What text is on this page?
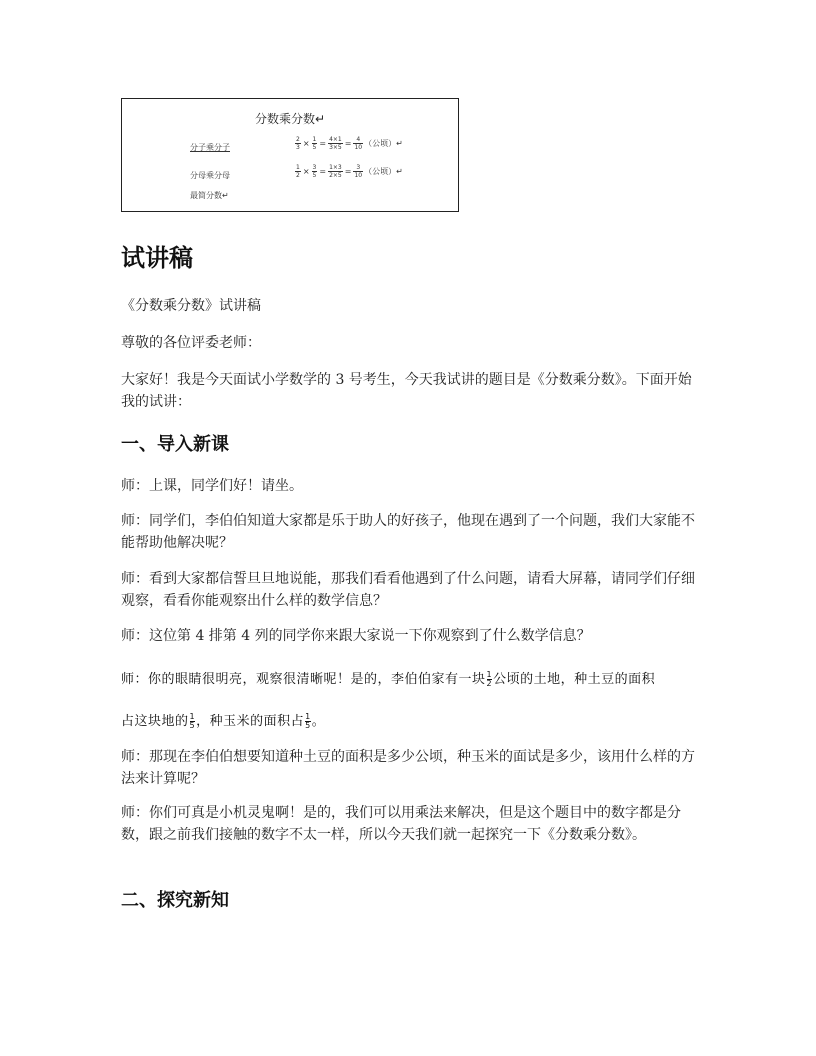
分数乘分数↵
分子乘分子	$\frac{2}{3} \times \frac{1}{5} = \frac{4\times 1}{3\times 5} = \frac{4}{10}$ （公顷）↵
分母乘分母	$\frac{1}{2} \times \frac{3}{5} = \frac{1\times 3}{2\times 5} = \frac{3}{10}$ （公顷）↵
最简分数↵
试讲稿
《分数乘分数》试讲稿
尊敬的各位评委老师：
大家好！我是今天面试小学数学的 3 号考生，今天我试讲的题目是《分数乘分数》。下面开始我的试讲：
一、导入新课
师：上课，同学们好！请坐。
师：同学们，李伯伯知道大家都是乐于助人的好孩子，他现在遇到了一个问题，我们大家能不能帮助他解决呢？
师：看到大家都信誓旦旦地说能，那我们看看他遇到了什么问题，请看大屏幕，请同学们仔细观察，看看你能观察出什么样的数学信息？
师：这位第 4 排第 4 列的同学你来跟大家说一下你观察到了什么数学信息？
师：你的眼睛很明亮，观察很清晰呢！是的，李伯伯家有一块 $\frac{1}{2}$ 公顷的土地，种土豆的面积
占这块地的 $\frac{1}{5}$ ，种玉米的面积占 $\frac{1}{5}$ 。
师：那现在李伯伯想要知道种土豆的面积是多少公顷，种玉米的面试是多少，该用什么样的方法来计算呢？
师：你们可真是小机灵鬼啊！是的，我们可以用乘法来解决，但是这个题目中的数字都是分数，跟之前我们接触的数字不太一样，所以今天我们就一起探究一下《分数乘分数》。
二、探究新知
